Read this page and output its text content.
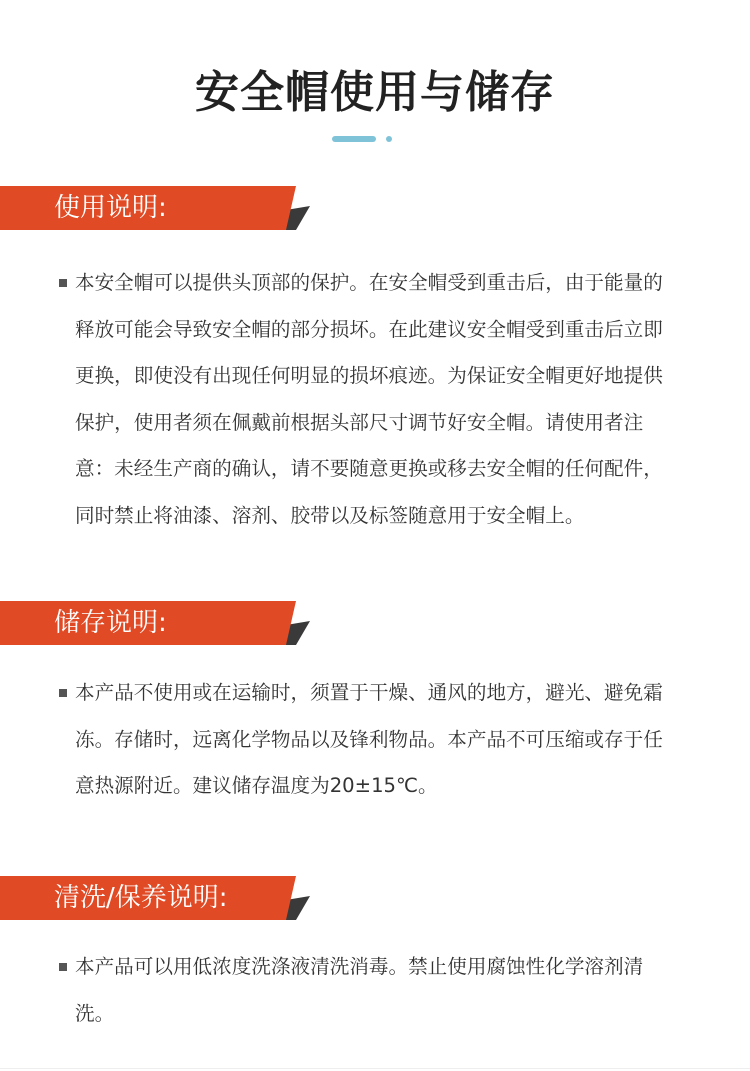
安全帽使用与储存
使用说明:
本安全帽可以提供头顶部的保护。在安全帽受到重击后，由于能量的释放可能会导致安全帽的部分损坏。在此建议安全帽受到重击后立即更换，即使没有出现任何明显的损坏痕迹。为保证安全帽更好地提供保护，使用者须在佩戴前根据头部尺寸调节好安全帽。请使用者注意：未经生产商的确认，请不要随意更换或移去安全帽的任何配件，同时禁止将油漆、溶剂、胶带以及标签随意用于安全帽上。
储存说明:
本产品不使用或在运输时，须置于干燥、通风的地方，避光、避免霜冻。存储时，远离化学物品以及锋利物品。本产品不可压缩或存于任意热源附近。建议储存温度为20±15℃。
清洗/保养说明:
本产品可以用低浓度洗涤液清洗消毒。禁止使用腐蚀性化学溶剂清洗。
